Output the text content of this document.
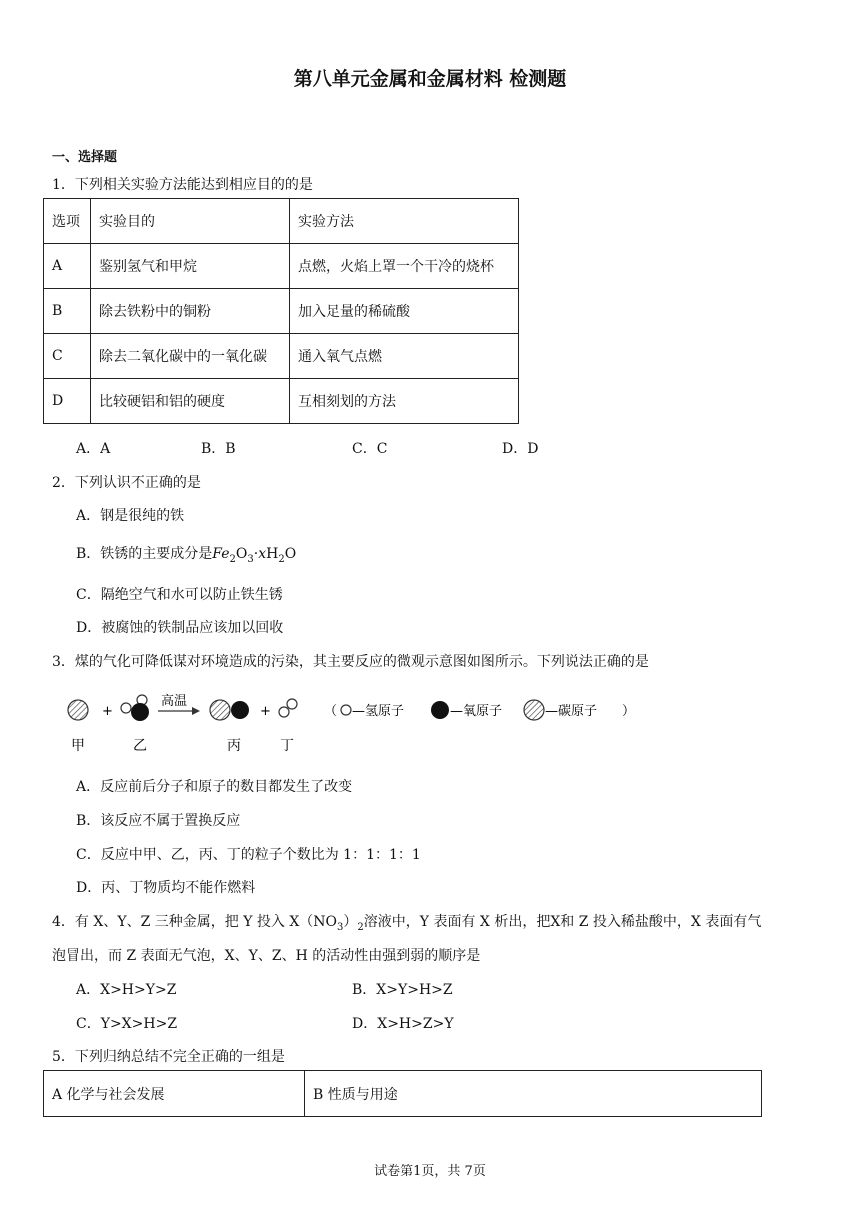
第八单元金属和金属材料 检测题
一、选择题
1．下列相关实验方法能达到相应目的的是
选项	实验目的	实验方法
A	鉴别氢气和甲烷	点燃，火焰上罩一个干冷的烧杯
B	除去铁粉中的铜粉	加入足量的稀硫酸
C	除去二氧化碳中的一氧化碳	通入氧气点燃
D	比较硬铝和铝的硬度	互相刻划的方法
A．A	B．B	C．C	D．D
2．下列认识不正确的是
A．钢是很纯的铁
B．铁锈的主要成分是$Fe_2O_3\cdot xH_2O$
C．隔绝空气和水可以防止铁生锈
D．被腐蚀的铁制品应该加以回收
3．煤的气化可降低谋对环境造成的污染，其主要反应的微观示意图如图所示。下列说法正确的是
+
高温
+
甲	乙	丙	丁
（ —氢原子	—氧原子	—碳原子 ）
A．反应前后分子和原子的数目都发生了改变
B．该反应不属于置换反应
C．反应中甲、乙，丙、丁的粒子个数比为 1：1：1：1
D．丙、丁物质均不能作燃料
4．有 X、Y、Z 三种金属，把 Y 投入 $X(NO_3)_2$溶液中，Y 表面有 X 析出，把X和 Z 投入稀盐酸中，X 表面有气
泡冒出，而 Z 表面无气泡，X、Y、Z、H 的活动性由强到弱的顺序是
A．X>H>Y>Z	B．X>Y>H>Z
C．Y>X>H>Z	D．X>H>Z>Y
5．下列归纳总结不完全正确的一组是
A 化学与社会发展	B 性质与用途
试卷第1页，共 7页
